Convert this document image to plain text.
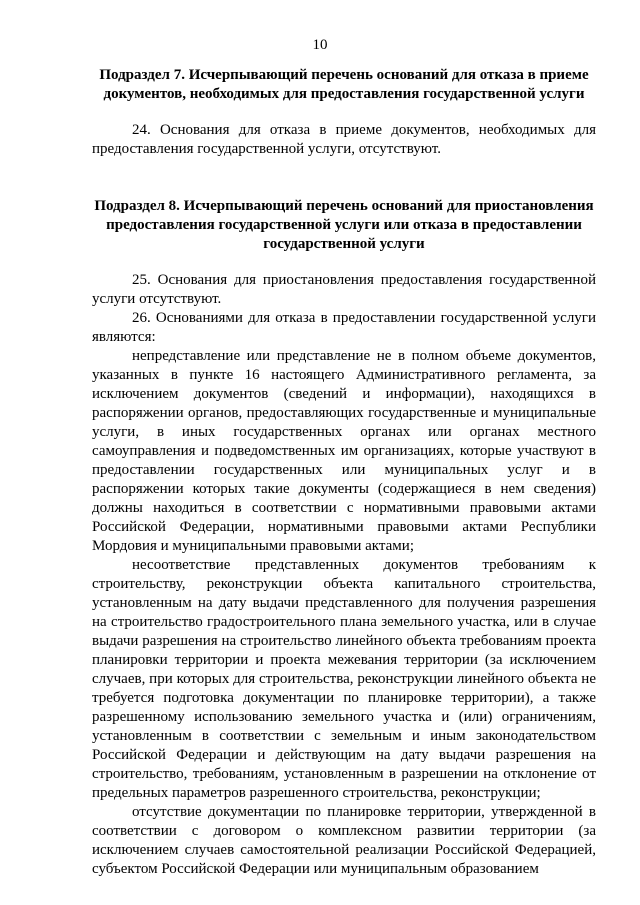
10

Подраздел 7. Исчерпывающий перечень оснований для отказа в приеме документов, необходимых для предоставления государственной услуги

24. Основания для отказа в приеме документов, необходимых для предоставления государственной услуги, отсутствуют.

Подраздел 8. Исчерпывающий перечень оснований для приостановления предоставления государственной услуги или отказа в предоставлении государственной услуги

25. Основания для приостановления предоставления государственной услуги отсутствуют.

26. Основаниями для отказа в предоставлении государственной услуги являются:

непредставление или представление не в полном объеме документов, указанных в пункте 16 настоящего Административного регламента, за исключением документов (сведений и информации), находящихся в распоряжении органов, предоставляющих государственные и муниципальные услуги, в иных государственных органах или органах местного самоуправления и подведомственных им организациях, которые участвуют в предоставлении государственных или муниципальных услуг и в распоряжении которых такие документы (содержащиеся в нем сведения) должны находиться в соответствии с нормативными правовыми актами Российской Федерации, нормативными правовыми актами Республики Мордовия и муниципальными правовыми актами;

несоответствие представленных документов требованиям к строительству, реконструкции объекта капитального строительства, установленным на дату выдачи представленного для получения разрешения на строительство градостроительного плана земельного участка, или в случае выдачи разрешения на строительство линейного объекта требованиям проекта планировки территории и проекта межевания территории (за исключением случаев, при которых для строительства, реконструкции линейного объекта не требуется подготовка документации по планировке территории), а также разрешенному использованию земельного участка и (или) ограничениям, установленным в соответствии с земельным и иным законодательством Российской Федерации и действующим на дату выдачи разрешения на строительство, требованиям, установленным в разрешении на отклонение от предельных параметров разрешенного строительства, реконструкции;

отсутствие документации по планировке территории, утвержденной в соответствии с договором о комплексном развитии территории (за исключением случаев самостоятельной реализации Российской Федерацией, субъектом Российской Федерации или муниципальным образованием
